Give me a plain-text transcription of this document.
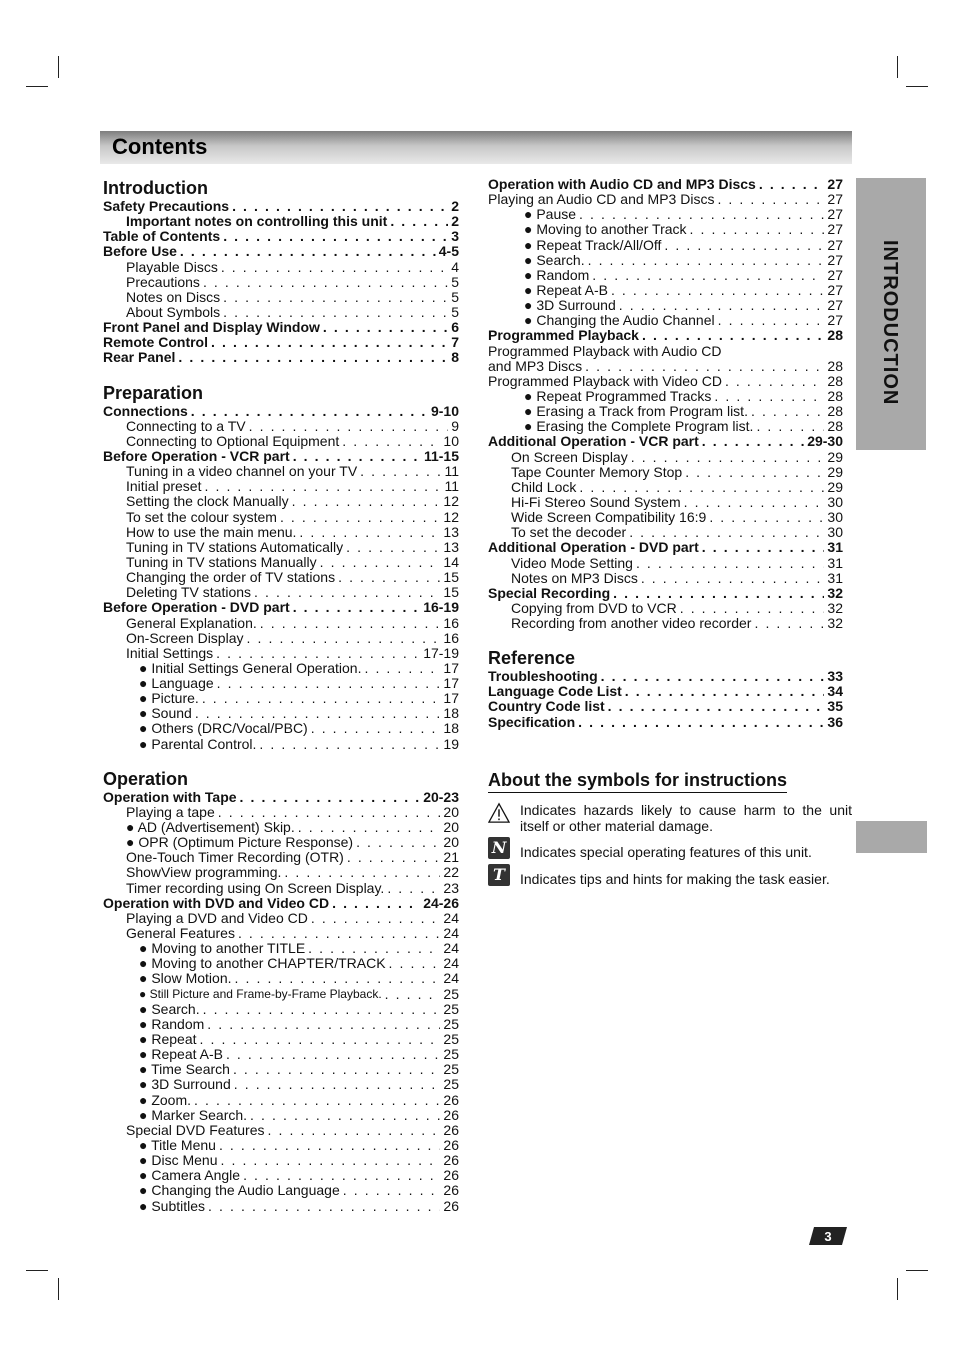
Contents
INTRODUCTION
Introduction
Safety Precautions . . .	2
Important notes on controlling this unit . . .	2
Table of Contents . . .	3
Before Use . . .	4-5
Playable Discs . . .	4
Precautions . . .	5
Notes on Discs . . .	5
About Symbols . . .	5
Front Panel and Display Window . . .	6
Remote Control . . .	7
Rear Panel . . .	8
Preparation
Connections . . .	9-10
Connecting to a TV . . .	9
Connecting to Optional Equipment . . .	10
Before Operation - VCR part . . .	11-15
Tuning in a video channel on your TV . . .	11
Initial preset . . .	11
Setting the clock Manually . . .	12
To set the colour system . . .	12
How to use the main menu. . . .	13
Tuning in TV stations Automatically . . .	13
Tuning in TV stations Manually . . .	14
Changing the order of TV stations . . .	15
Deleting TV stations . . .	15
Before Operation - DVD part . . .	16-19
General Explanation. . . .	16
On-Screen Display . . .	16
Initial Settings . . .	17-19
● Initial Settings General Operation. . . .	17
● Language . . .	17
● Picture. . . .	17
● Sound . . .	18
● Others (DRC/Vocal/PBC) . . .	18
● Parental Control. . . .	19
Operation
Operation with Tape . . .	20-23
Playing a tape . . .	20
● AD (Advertisement) Skip. . . .	20
● OPR (Optimum Picture Response) . . .	20
One-Touch Timer Recording (OTR) . . .	21
ShowView programming. . . .	22
Timer recording using On Screen Display. . . .	23
Operation with DVD and Video CD . . .	24-26
Playing a DVD and Video CD . . .	24
General Features . . .	24
● Moving to another TITLE . . .	24
● Moving to another CHAPTER/TRACK . . .	24
● Slow Motion. . . .	24
● Still Picture and Frame-by-Frame Playback. . . .	25
● Search. . . .	25
● Random . . .	25
● Repeat . . .	25
● Repeat A-B . . .	25
● Time Search . . .	25
● 3D Surround . . .	25
● Zoom. . . .	26
● Marker Search. . . .	26
Special DVD Features . . .	26
● Title Menu . . .	26
● Disc Menu . . .	26
● Camera Angle . . .	26
● Changing the Audio Language . . .	26
● Subtitles . . .	26
Operation with Audio CD and MP3 Discs . . .	27
Playing an Audio CD and MP3 Discs . . .	27
● Pause . . .	27
● Moving to another Track . . .	27
● Repeat Track/All/Off . . .	27
● Search. . . .	27
● Random . . .	27
● Repeat A-B . . .	27
● 3D Surround . . .	27
● Changing the Audio Channel . . .	27
Programmed Playback . . .	28
Programmed Playback with Audio CD
and MP3 Discs . . .	28
Programmed Playback with Video CD . . .	28
● Repeat Programmed Tracks . . .	28
● Erasing a Track from Program list. . . .	28
● Erasing the Complete Program list. . . .	28
Additional Operation - VCR part . . .	29-30
On Screen Display . . .	29
Tape Counter Memory Stop . . .	29
Child Lock . . .	29
Hi-Fi Stereo Sound System . . .	30
Wide Screen Compatibility 16:9 . . .	30
To set the decoder . . .	30
Additional Operation - DVD part . . .	31
Video Mode Setting . . .	31
Notes on MP3 Discs . . .	31
Special Recording . . .	32
Copying from DVD to VCR . . .	32
Recording from another video recorder . . .	32
Reference
Troubleshooting . . .	33
Language Code List . . .	34
Country Code list . . .	35
Specification . . .	36
About the symbols for instructions
Indicates hazards likely to cause harm to the unit itself or other material damage.
N Indicates special operating features of this unit.
T	Indicates tips and hints for making the task easier.
3
